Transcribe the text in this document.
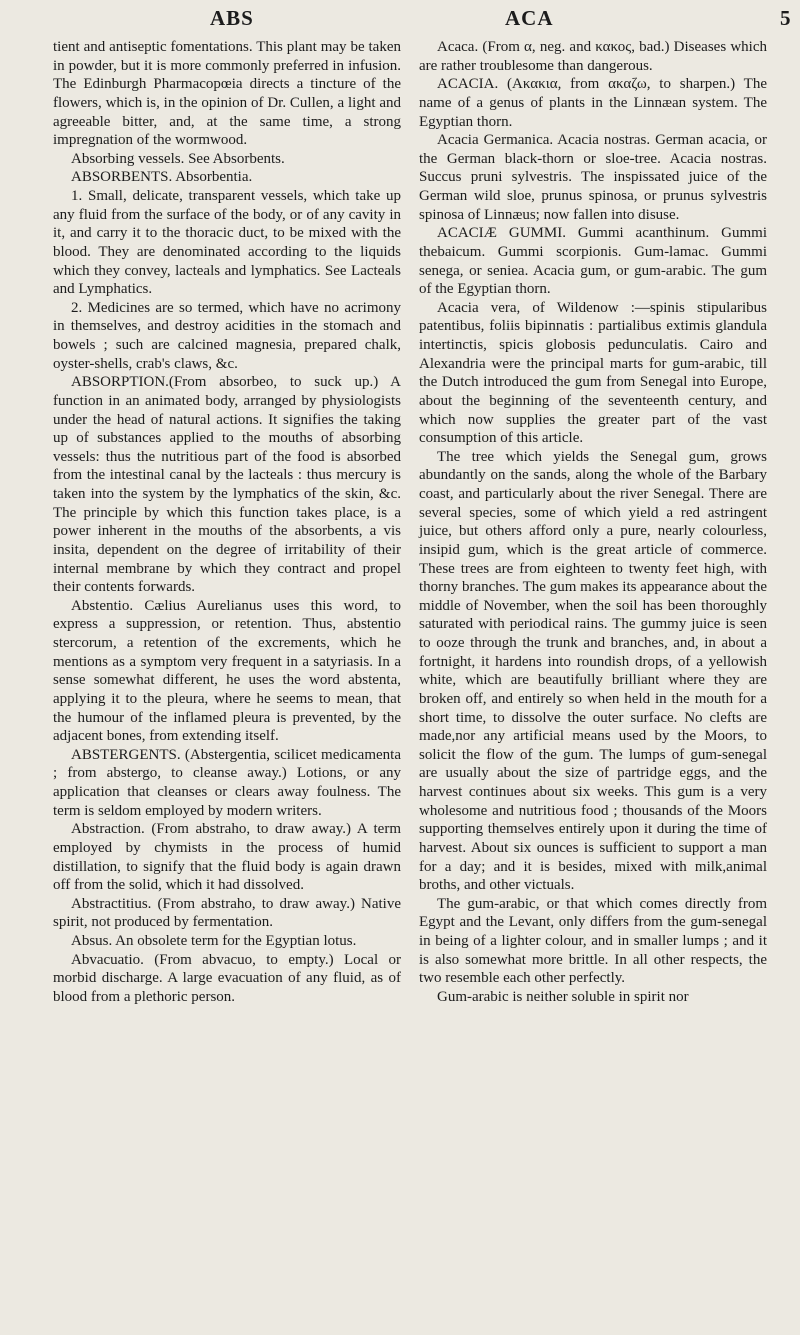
ABS	ACA	5

tient and antiseptic fomentations. This plant may be taken in powder, but it is more commonly preferred in infusion. The Edinburgh Pharmacopœia directs a tincture of the flowers, which is, in the opinion of Dr. Cullen, a light and agreeable bitter, and, at the same time, a strong impregnation of the wormwood.

Absorbing vessels. See Absorbents.

ABSORBENTS. Absorbentia.

1. Small, delicate, transparent vessels, which take up any fluid from the surface of the body, or of any cavity in it, and carry it to the thoracic duct, to be mixed with the blood. They are denominated according to the liquids which they convey, lacteals and lymphatics. See Lacteals and Lymphatics.

2. Medicines are so termed, which have no acrimony in themselves, and destroy acidities in the stomach and bowels ; such are calcined magnesia, prepared chalk, oyster-shells, crab's claws, &c.

ABSORPTION.(From absorbeo, to suck up.) A function in an animated body, arranged by physiologists under the head of natural actions. It signifies the taking up of substances applied to the mouths of absorbing vessels: thus the nutritious part of the food is absorbed from the intestinal canal by the lacteals : thus mercury is taken into the system by the lymphatics of the skin, &c. The principle by which this function takes place, is a power inherent in the mouths of the absorbents, a vis insita, dependent on the degree of irritability of their internal membrane by which they contract and propel their contents forwards.

Abstentio. Cælius Aurelianus uses this word, to express a suppression, or retention. Thus, abstentio stercorum, a retention of the excrements, which he mentions as a symptom very frequent in a satyriasis. In a sense somewhat different, he uses the word abstenta, applying it to the pleura, where he seems to mean, that the humour of the inflamed pleura is prevented, by the adjacent bones, from extending itself.

ABSTERGENTS. (Abstergentia, scilicet medicamenta ; from abstergo, to cleanse away.) Lotions, or any application that cleanses or clears away foulness. The term is seldom employed by modern writers.

Abstraction. (From abstraho, to draw away.) A term employed by chymists in the process of humid distillation, to signify that the fluid body is again drawn off from the solid, which it had dissolved.

Abstractitius. (From abstraho, to draw away.) Native spirit, not produced by fermentation.

Absus. An obsolete term for the Egyptian lotus.

Abvacuatio. (From abvacuo, to empty.) Local or morbid discharge. A large evacuation of any fluid, as of blood from a plethoric person.

Acaca. (From α, neg. and κακος, bad.) Diseases which are rather troublesome than dangerous.

ACACIA. (Ακακια, from ακαζω, to sharpen.) The name of a genus of plants in the Linnæan system. The Egyptian thorn.

Acacia Germanica. Acacia nostras. German acacia, or the German black-thorn or sloe-tree. Acacia nostras. Succus pruni sylvestris. The inspissated juice of the German wild sloe, prunus spinosa, or prunus sylvestris spinosa of Linnæus; now fallen into disuse.

ACACIÆ GUMMI. Gummi acanthinum. Gummi thebaicum. Gummi scorpionis. Gum-lamac. Gummi senega, or seniea. Acacia gum, or gum-arabic. The gum of the Egyptian thorn.

Acacia vera, of Wildenow :—spinis stipularibus patentibus, foliis bipinnatis : partialibus extimis glandula intertinctis, spicis globosis pedunculatis. Cairo and Alexandria were the principal marts for gum-arabic, till the Dutch introduced the gum from Senegal into Europe, about the beginning of the seventeenth century, and which now supplies the greater part of the vast consumption of this article.

The tree which yields the Senegal gum, grows abundantly on the sands, along the whole of the Barbary coast, and particularly about the river Senegal. There are several species, some of which yield a red astringent juice, but others afford only a pure, nearly colourless, insipid gum, which is the great article of commerce. These trees are from eighteen to twenty feet high, with thorny branches. The gum makes its appearance about the middle of November, when the soil has been thoroughly saturated with periodical rains. The gummy juice is seen to ooze through the trunk and branches, and, in about a fortnight, it hardens into roundish drops, of a yellowish white, which are beautifully brilliant where they are broken off, and entirely so when held in the mouth for a short time, to dissolve the outer surface. No clefts are made,nor any artificial means used by the Moors, to solicit the flow of the gum. The lumps of gum-senegal are usually about the size of partridge eggs, and the harvest continues about six weeks. This gum is a very wholesome and nutritious food ; thousands of the Moors supporting themselves entirely upon it during the time of harvest. About six ounces is sufficient to support a man for a day; and it is besides, mixed with milk,animal broths, and other victuals.

The gum-arabic, or that which comes directly from Egypt and the Levant, only differs from the gum-senegal in being of a lighter colour, and in smaller lumps ; and it is also somewhat more brittle. In all other respects, the two resemble each other perfectly.

Gum-arabic is neither soluble in spirit nor
